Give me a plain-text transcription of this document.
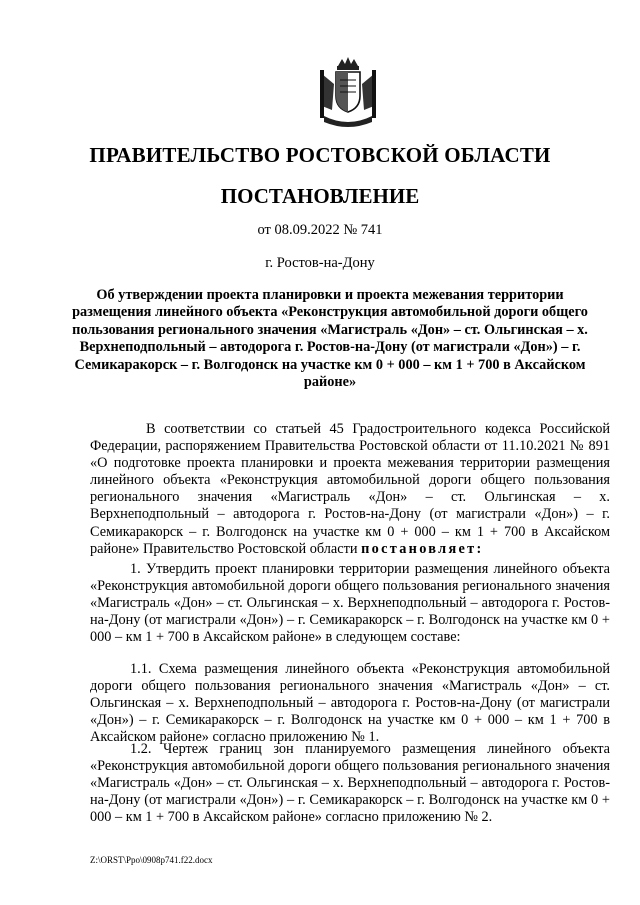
ПРАВИТЕЛЬСТВО РОСТОВСКОЙ ОБЛАСТИ
ПОСТАНОВЛЕНИЕ
от 08.09.2022 № 741
г. Ростов-на-Дону
Об утверждении проекта планировки и проекта межевания территории размещения линейного объекта «Реконструкция автомобильной дороги общего пользования регионального значения «Магистраль «Дон» – ст. Ольгинская – х. Верхнеподпольный – автодорога г. Ростов-на-Дону (от магистрали «Дон») – г. Семикаракорск – г. Волгодонск на участке км 0 + 000 – км 1 + 700 в Аксайском районе»
В соответствии со статьей 45 Градостроительного кодекса Российской Федерации, распоряжением Правительства Ростовской области от 11.10.2021 № 891 «О подготовке проекта планировки и проекта межевания территории размещения линейного объекта «Реконструкция автомобильной дороги общего пользования регионального значения «Магистраль «Дон» – ст. Ольгинская – х. Верхнеподпольный – автодорога г. Ростов-на-Дону (от магистрали «Дон») – г. Семикаракорск – г. Волгодонск на участке км 0 + 000 – км 1 + 700 в Аксайском районе» Правительство Ростовской области постановляет:
1. Утвердить проект планировки территории размещения линейного объекта «Реконструкция автомобильной дороги общего пользования регионального значения «Магистраль «Дон» – ст. Ольгинская – х. Верхнеподпольный – автодорога г. Ростов-на-Дону (от магистрали «Дон») – г. Семикаракорск – г. Волгодонск на участке км 0 + 000 – км 1 + 700 в Аксайском районе» в следующем составе:
1.1. Схема размещения линейного объекта «Реконструкция автомобильной дороги общего пользования регионального значения «Магистраль «Дон» – ст. Ольгинская – х. Верхнеподпольный – автодорога г. Ростов-на-Дону (от магистрали «Дон») – г. Семикаракорск – г. Волгодонск на участке км 0 + 000 – км 1 + 700 в Аксайском районе» согласно приложению № 1.
1.2. Чертеж границ зон планируемого размещения линейного объекта «Реконструкция автомобильной дороги общего пользования регионального значения «Магистраль «Дон» – ст. Ольгинская – х. Верхнеподпольный – автодорога г. Ростов-на-Дону (от магистрали «Дон») – г. Семикаракорск – г. Волгодонск на участке км 0 + 000 – км 1 + 700 в Аксайском районе» согласно приложению № 2.
Z:\ORST\Ppo\0908p741.f22.docx
